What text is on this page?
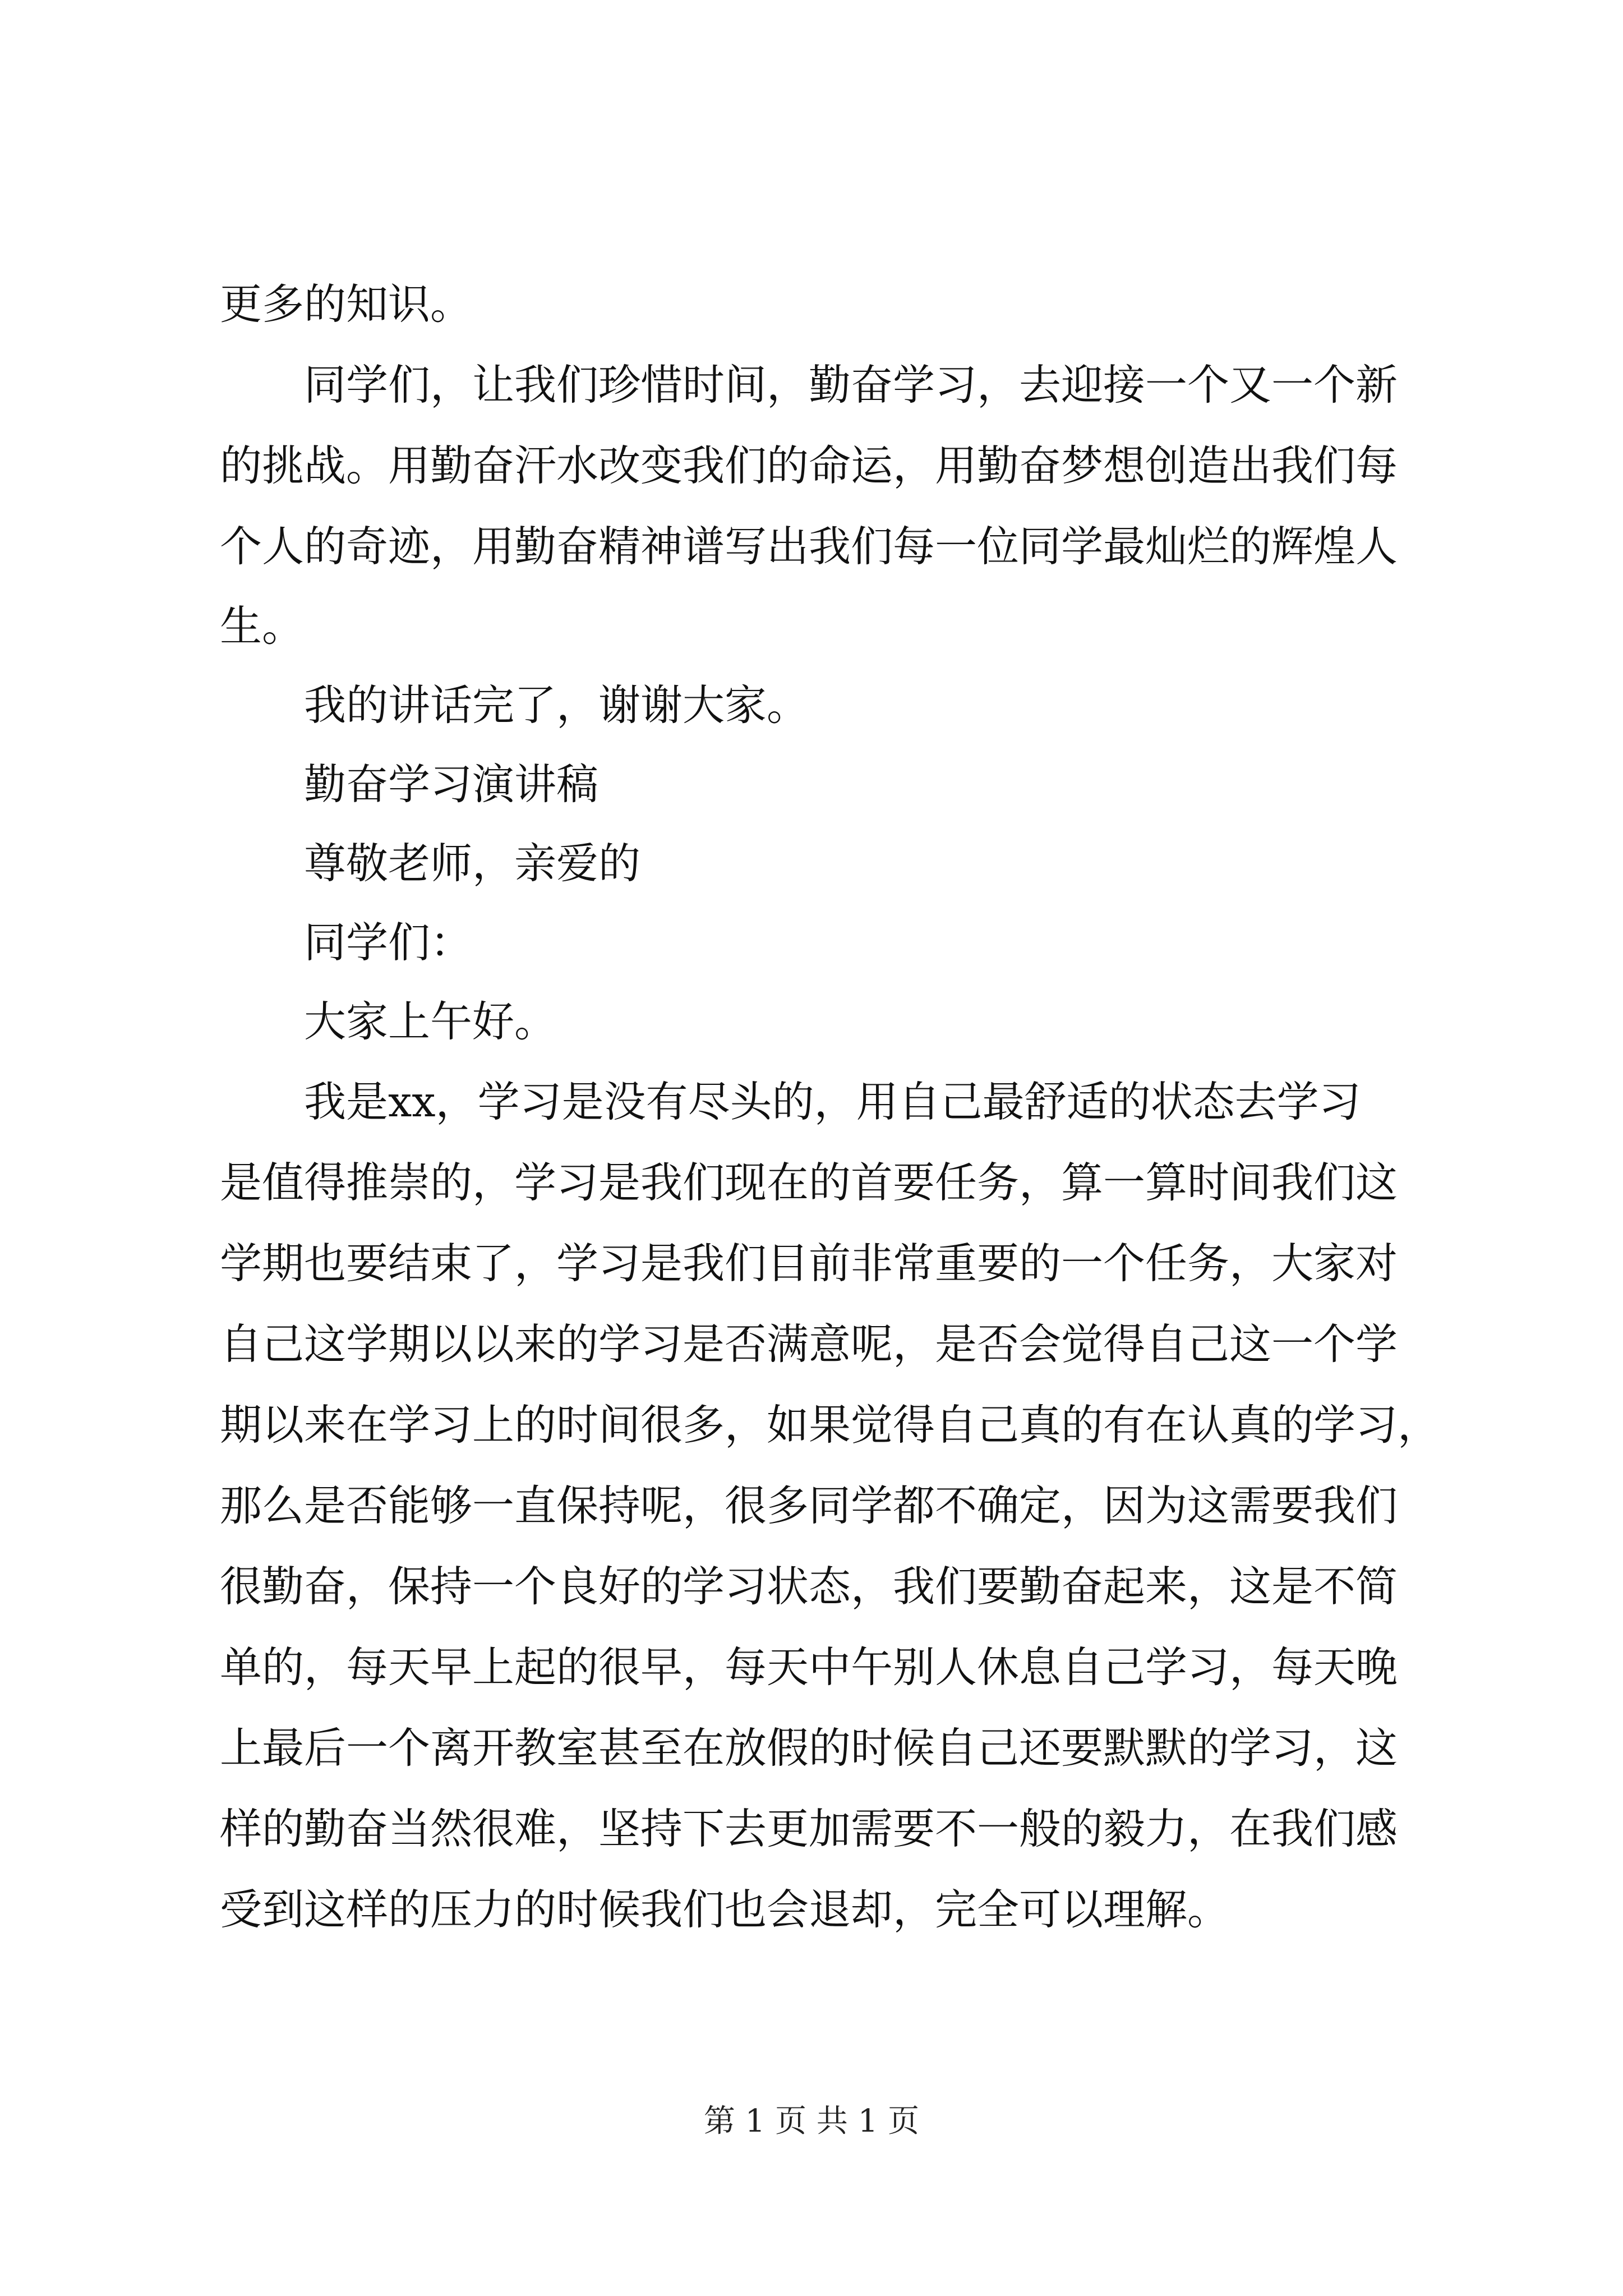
更多的知识。
同学们，让我们珍惜时间，勤奋学习，去迎接一个又一个新
的挑战。用勤奋汗水改变我们的命运，用勤奋梦想创造出我们每
个人的奇迹，用勤奋精神谱写出我们每一位同学最灿烂的辉煌人
生。
我的讲话完了，谢谢大家。
勤奋学习演讲稿
尊敬老师，亲爱的
同学们：
大家上午好。
我是xx，学习是没有尽头的，用自己最舒适的状态去学习
是值得推崇的，学习是我们现在的首要任务，算一算时间我们这
学期也要结束了，学习是我们目前非常重要的一个任务，大家对
自己这学期以以来的学习是否满意呢，是否会觉得自己这一个学
期以来在学习上的时间很多，如果觉得自己真的有在认真的学习，
那么是否能够一直保持呢，很多同学都不确定，因为这需要我们
很勤奋，保持一个良好的学习状态，我们要勤奋起来，这是不简
单的，每天早上起的很早，每天中午别人休息自己学习，每天晚
上最后一个离开教室甚至在放假的时候自己还要默默的学习，这
样的勤奋当然很难，坚持下去更加需要不一般的毅力，在我们感
受到这样的压力的时候我们也会退却，完全可以理解。
第 1 页 共 1 页
